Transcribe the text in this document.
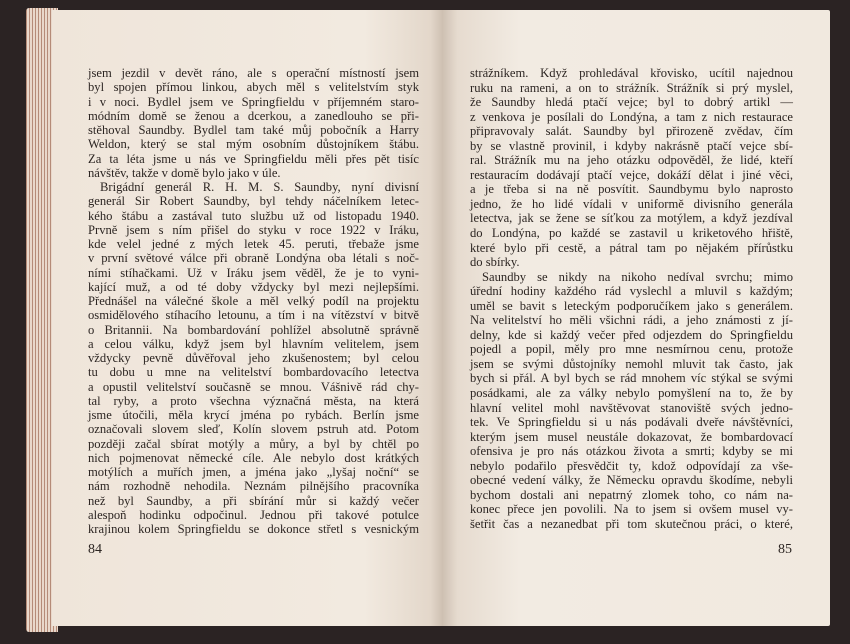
jsem jezdil v devět ráno, ale s operační místností jsem
byl spojen přímou linkou, abych měl s velitelstvím styk
i v noci. Bydlel jsem ve Springfieldu v příjemném staro-
módním domě se ženou a dcerkou, a zanedlouho se při-
stěhoval Saundby. Bydlel tam také můj pobočník a Harry
Weldon, který se stal mým osobním důstojníkem štábu.
Za ta léta jsme u nás ve Springfieldu měli přes pět tisíc
návštěv, takže v domě bylo jako v úle.
Brigádní generál R. H. M. S. Saundby, nyní divisní
generál Sir Robert Saundby, byl tehdy náčelníkem letec-
kého štábu a zastával tuto službu už od listopadu 1940.
Prvně jsem s ním přišel do styku v roce 1922 v Iráku,
kde velel jedné z mých letek 45. peruti, třebaže jsme
v první světové válce při obraně Londýna oba létali s noč-
ními stíhačkami. Už v Iráku jsem věděl, že je to vyni-
kající muž, a od té doby vždycky byl mezi nejlepšími.
Přednášel na válečné škole a měl velký podíl na projektu
osmidělového stíhacího letounu, a tím i na vítězství v bitvě
o Britannii. Na bombardování pohlížel absolutně správně
a celou válku, když jsem byl hlavním velitelem, jsem
vždycky pevně důvěřoval jeho zkušenostem; byl celou
tu dobu u mne na velitelství bombardovacího letectva
a opustil velitelství současně se mnou. Vášnivě rád chy-
tal ryby, a proto všechna význačná města, na která
jsme útočili, měla krycí jména po rybách. Berlín jsme
označovali slovem sleď, Kolín slovem pstruh atd. Potom
později začal sbírat motýly a můry, a byl by chtěl po
nich pojmenovat německé cíle. Ale nebylo dost krátkých
motýlích a muřích jmen, a jména jako „lyšaj noční“ se
nám rozhodně nehodila. Neznám pilnějšího pracovníka
než byl Saundby, a při sbírání můr si každý večer
alespoň hodinku odpočinul. Jednou při takové potulce
krajinou kolem Springfieldu se dokonce střetl s vesnickým
84
strážníkem. Když prohledával křovisko, ucítil najednou
ruku na rameni, a on to strážník. Strážník si prý myslel,
že Saundby hledá ptačí vejce; byl to dobrý artikl —
z venkova je posílali do Londýna, a tam z nich restaurace
připravovaly salát. Saundby byl přirozeně zvědav, čím
by se vlastně provinil, i kdyby nakrásně ptačí vejce sbí-
ral. Strážník mu na jeho otázku odpověděl, že lidé, kteří
restauracím dodávají ptačí vejce, dokáží dělat i jiné věci,
a je třeba si na ně posvítit. Saundbymu bylo naprosto
jedno, že ho lidé vídali v uniformě divisního generála
letectva, jak se žene se síťkou za motýlem, a když jezdíval
do Londýna, po každé se zastavil u kriketového hřiště,
které bylo při cestě, a pátral tam po nějakém přírůstku
do sbírky.
Saundby se nikdy na nikoho nedíval svrchu; mimo
úřední hodiny každého rád vyslechl a mluvil s každým;
uměl se bavit s leteckým podporučíkem jako s generálem.
Na velitelství ho měli všichni rádi, a jeho známosti z jí-
delny, kde si každý večer před odjezdem do Springfieldu
pojedl a popil, měly pro mne nesmírnou cenu, protože
jsem se svými důstojníky nemohl mluvit tak často, jak
bych si přál. A byl bych se rád mnohem víc stýkal se svými
posádkami, ale za války nebylo pomyšlení na to, že by
hlavní velitel mohl navštěvovat stanoviště svých jedno-
tek. Ve Springfieldu si u nás podávali dveře návštěvníci,
kterým jsem musel neustále dokazovat, že bombardovací
ofensiva je pro nás otázkou života a smrti; kdyby se mi
nebylo podařilo přesvědčit ty, kdož odpovídají za vše-
obecné vedení války, že Německu opravdu škodíme, nebyli
bychom dostali ani nepatrný zlomek toho, co nám na-
konec přece jen povolili. Na to jsem si ovšem musel vy-
šetřit čas a nezanedbat při tom skutečnou práci, o které,
85
